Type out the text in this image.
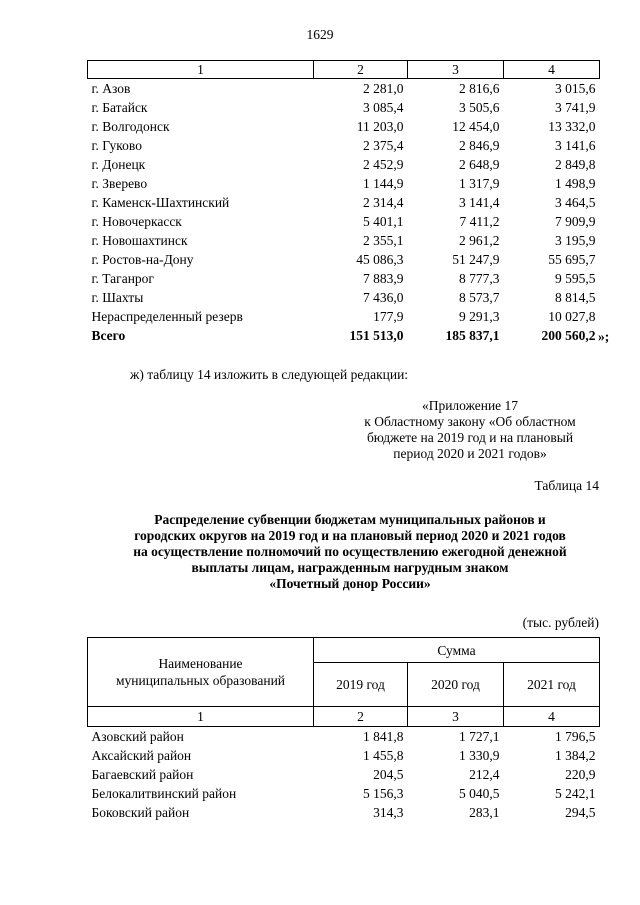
1629
1	2	3	4
г. Азов	2 281,0	2 816,6	3 015,6
г. Батайск	3 085,4	3 505,6	3 741,9
г. Волгодонск	11 203,0	12 454,0	13 332,0
г. Гуково	2 375,4	2 846,9	3 141,6
г. Донецк	2 452,9	2 648,9	2 849,8
г. Зверево	1 144,9	1 317,9	1 498,9
г. Каменск-Шахтинский	2 314,4	3 141,4	3 464,5
г. Новочеркасск	5 401,1	7 411,2	7 909,9
г. Новошахтинск	2 355,1	2 961,2	3 195,9
г. Ростов-на-Дону	45 086,3	51 247,9	55 695,7
г. Таганрог	7 883,9	8 777,3	9 595,5
г. Шахты	7 436,0	8 573,7	8 814,5
Нераспределенный резерв	177,9	9 291,3	10 027,8
Всего	151 513,0	185 837,1	200 560,2 »;
ж) таблицу 14 изложить в следующей редакции:
«Приложение 17
к Областному закону «Об областном
бюджете на 2019 год и на плановый
период 2020 и 2021 годов»
Таблица 14
Распределение субвенции бюджетам муниципальных районов и
городских округов на 2019 год и на плановый период 2020 и 2021 годов
на осуществление полномочий по осуществлению ежегодной денежной
выплаты лицам, награжденным нагрудным знаком
«Почетный донор России»
(тыс. рублей)
Наименование
муниципальных образований	Сумма		
	2019 год	2020 год	2021 год
1	2	3	4
Азовский район	1 841,8	1 727,1	1 796,5
Аксайский район	1 455,8	1 330,9	1 384,2
Багаевский район	204,5	212,4	220,9
Белокалитвинский район	5 156,3	5 040,5	5 242,1
Боковский район	314,3	283,1	294,5
